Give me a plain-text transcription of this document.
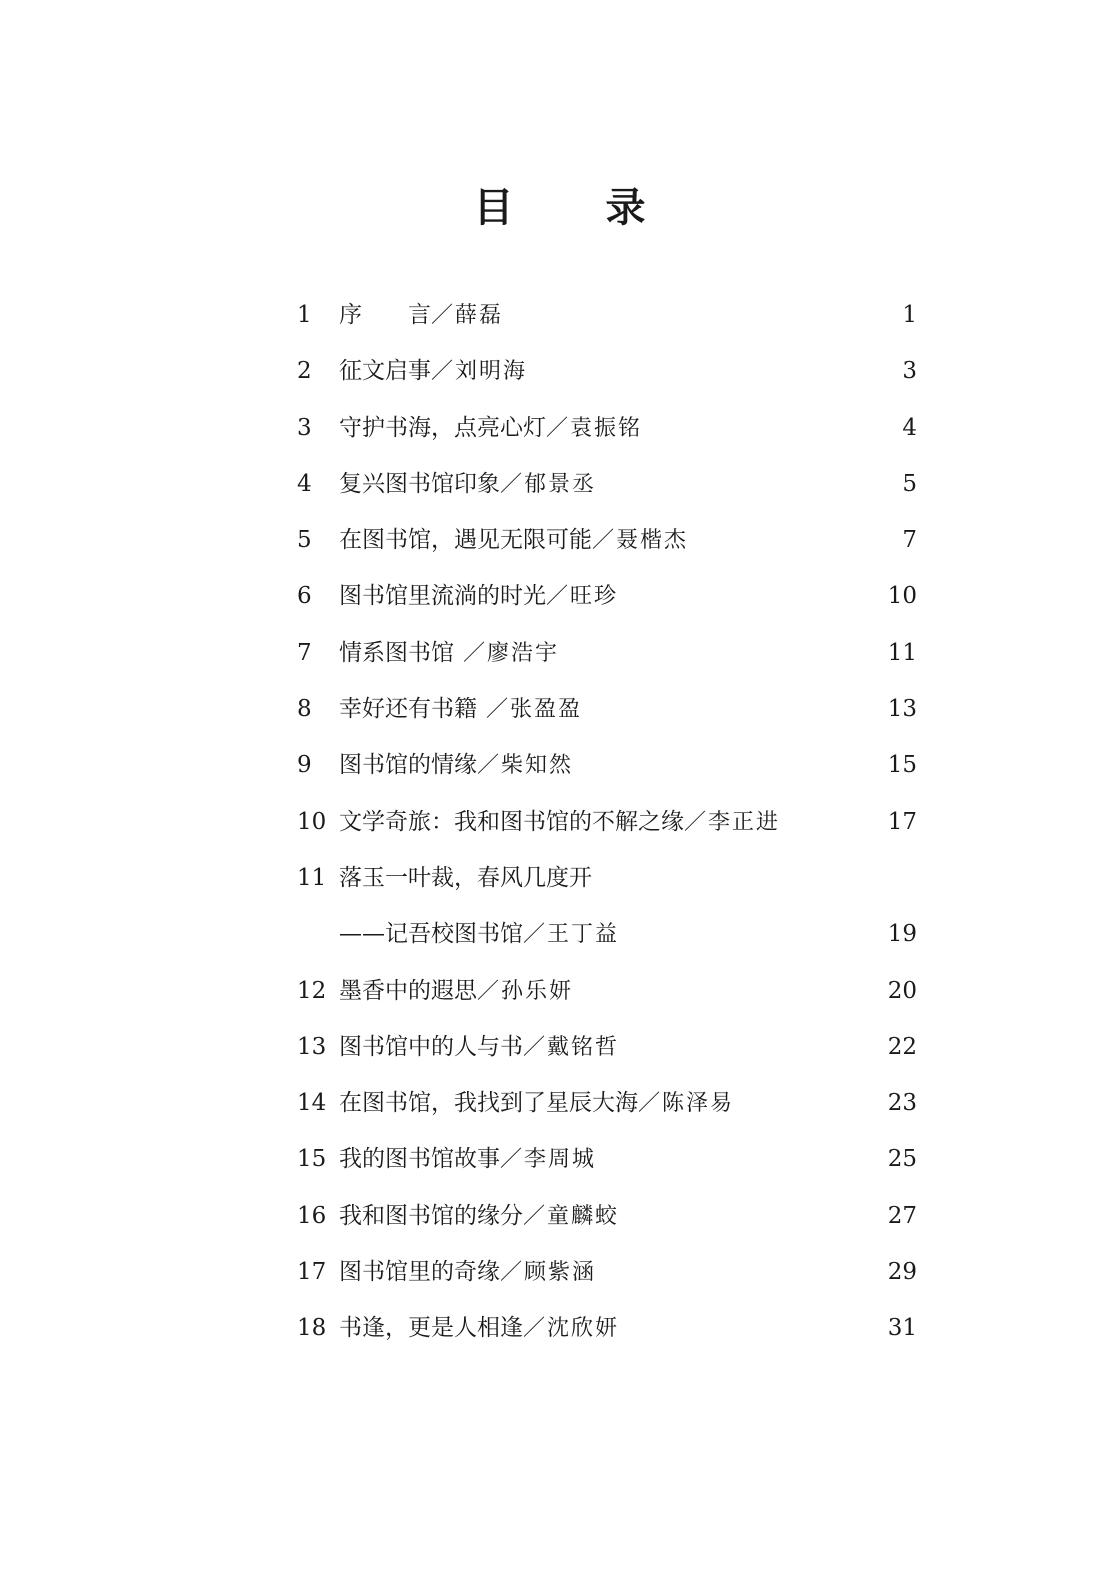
目　录
1 序　　言／薛磊	1
2 征文启事／刘明海	3
3 守护书海，点亮心灯／袁振铭	4
4 复兴图书馆印象／郁景丞	5
5 在图书馆，遇见无限可能／聂楷杰	7
6 图书馆里流淌的时光／旺珍	10
7 情系图书馆 ／廖浩宇	11
8 幸好还有书籍 ／张盈盈	13
9 图书馆的情缘／柴知然	15
10 文学奇旅：我和图书馆的不解之缘／李正进	17
11 落玉一叶裁，春风几度开
——记吾校图书馆／王丁益	19
12 墨香中的遐思／孙乐妍	20
13 图书馆中的人与书／戴铭哲	22
14 在图书馆，我找到了星辰大海／陈泽易	23
15 我的图书馆故事／李周城	25
16 我和图书馆的缘分／童麟蛟	27
17 图书馆里的奇缘／顾紫涵	29
18 书逢，更是人相逢／沈欣妍	31
